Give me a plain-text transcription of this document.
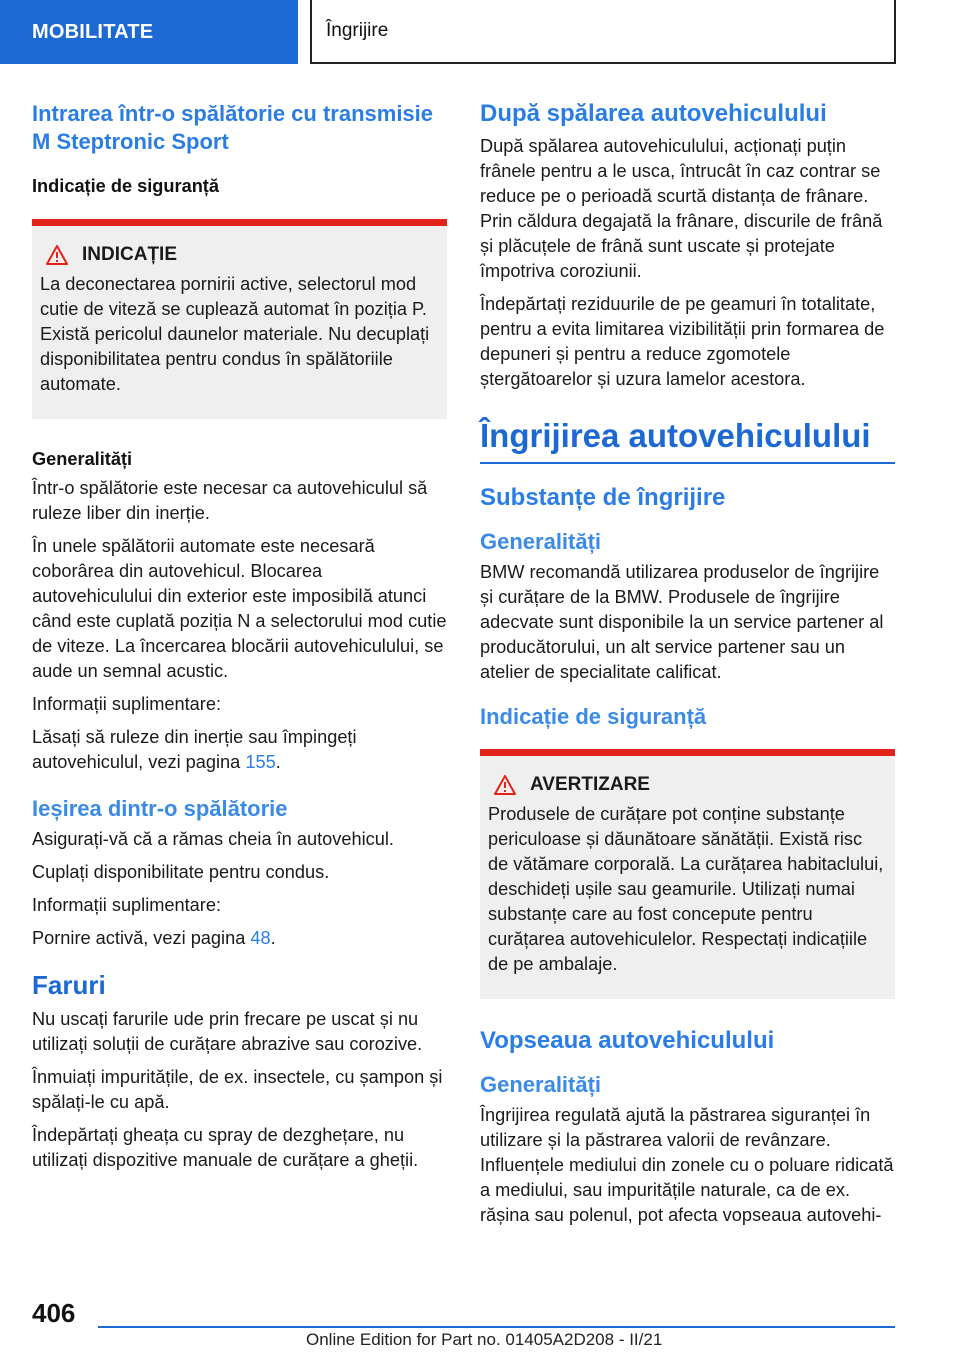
MOBILITATE	Îngrijire
Intrarea într-o spălătorie cu transmisie M Steptronic Sport
Indicație de siguranță
INDICAȚIE

La deconectarea pornirii active, selectorul mod cutie de viteză se cuplează automat în poziția P. Există pericolul daunelor materiale. Nu decuplați disponibilitatea pentru condus în spălătoriile automate.

Generalități

Într-o spălătorie este necesar ca autovehiculul să ruleze liber din inerție.

În unele spălătorii automate este necesară coborârea din autovehicul. Blocarea autovehiculului din exterior este imposibilă atunci când este cuplată poziția N a selectorului mod cutie de viteze. La încercarea blocării autovehiculului, se aude un semnal acustic.

Informații suplimentare:

Lăsați să ruleze din inerție sau împingeți autovehiculul, vezi pagina 155.

Ieșirea dintr-o spălătorie

Asigurați-vă că a rămas cheia în autovehicul.

Cuplați disponibilitate pentru condus.

Informații suplimentare:

Pornire activă, vezi pagina 48.

Faruri

Nu uscați farurile ude prin frecare pe uscat și nu utilizați soluții de curățare abrazive sau corozive.

Înmuiați impuritățile, de ex. insectele, cu șampon și spălați-le cu apă.

Îndepărtați gheața cu spray de dezghețare, nu utilizați dispozitive manuale de curățare a gheții.

După spălarea autovehiculului

După spălarea autovehiculului, acționați puțin frânele pentru a le usca, întrucât în caz contrar se reduce pe o perioadă scurtă distanța de frânare. Prin căldura degajată la frânare, discurile de frână și plăcuțele de frână sunt uscate și protejate împotriva coroziunii.

Îndepărtați reziduurile de pe geamuri în totalitate, pentru a evita limitarea vizibilității prin formarea de depuneri și pentru a reduce zgomotele ștergătoarelor și uzura lamelor acestora.

Îngrijirea autovehiculului
Substanțe de îngrijire
Generalități

BMW recomandă utilizarea produselor de îngrijire și curățare de la BMW. Produsele de îngrijire adecvate sunt disponibile la un service partener al producătorului, un alt service partener sau un atelier de specialitate calificat.

Indicație de siguranță
AVERTIZARE

Produsele de curățare pot conține substanțe periculoase și dăunătoare sănătății. Există risc de vătămare corporală. La curățarea habitaclului, deschideți ușile sau geamurile. Utilizați numai substanțe care au fost concepute pentru curățarea autovehiculelor. Respectați indicațiile de pe ambalaje.

Vopseaua autovehiculului
Generalități

Îngrijirea regulată ajută la păstrarea siguranței în utilizare și la păstrarea valorii de revânzare. Influențele mediului din zonele cu o poluare ridicată a mediului, sau impuritățile naturale, ca de ex. rășina sau polenul, pot afecta vopseaua autovehi-

406
Online Edition for Part no. 01405A2D208 - II/21
